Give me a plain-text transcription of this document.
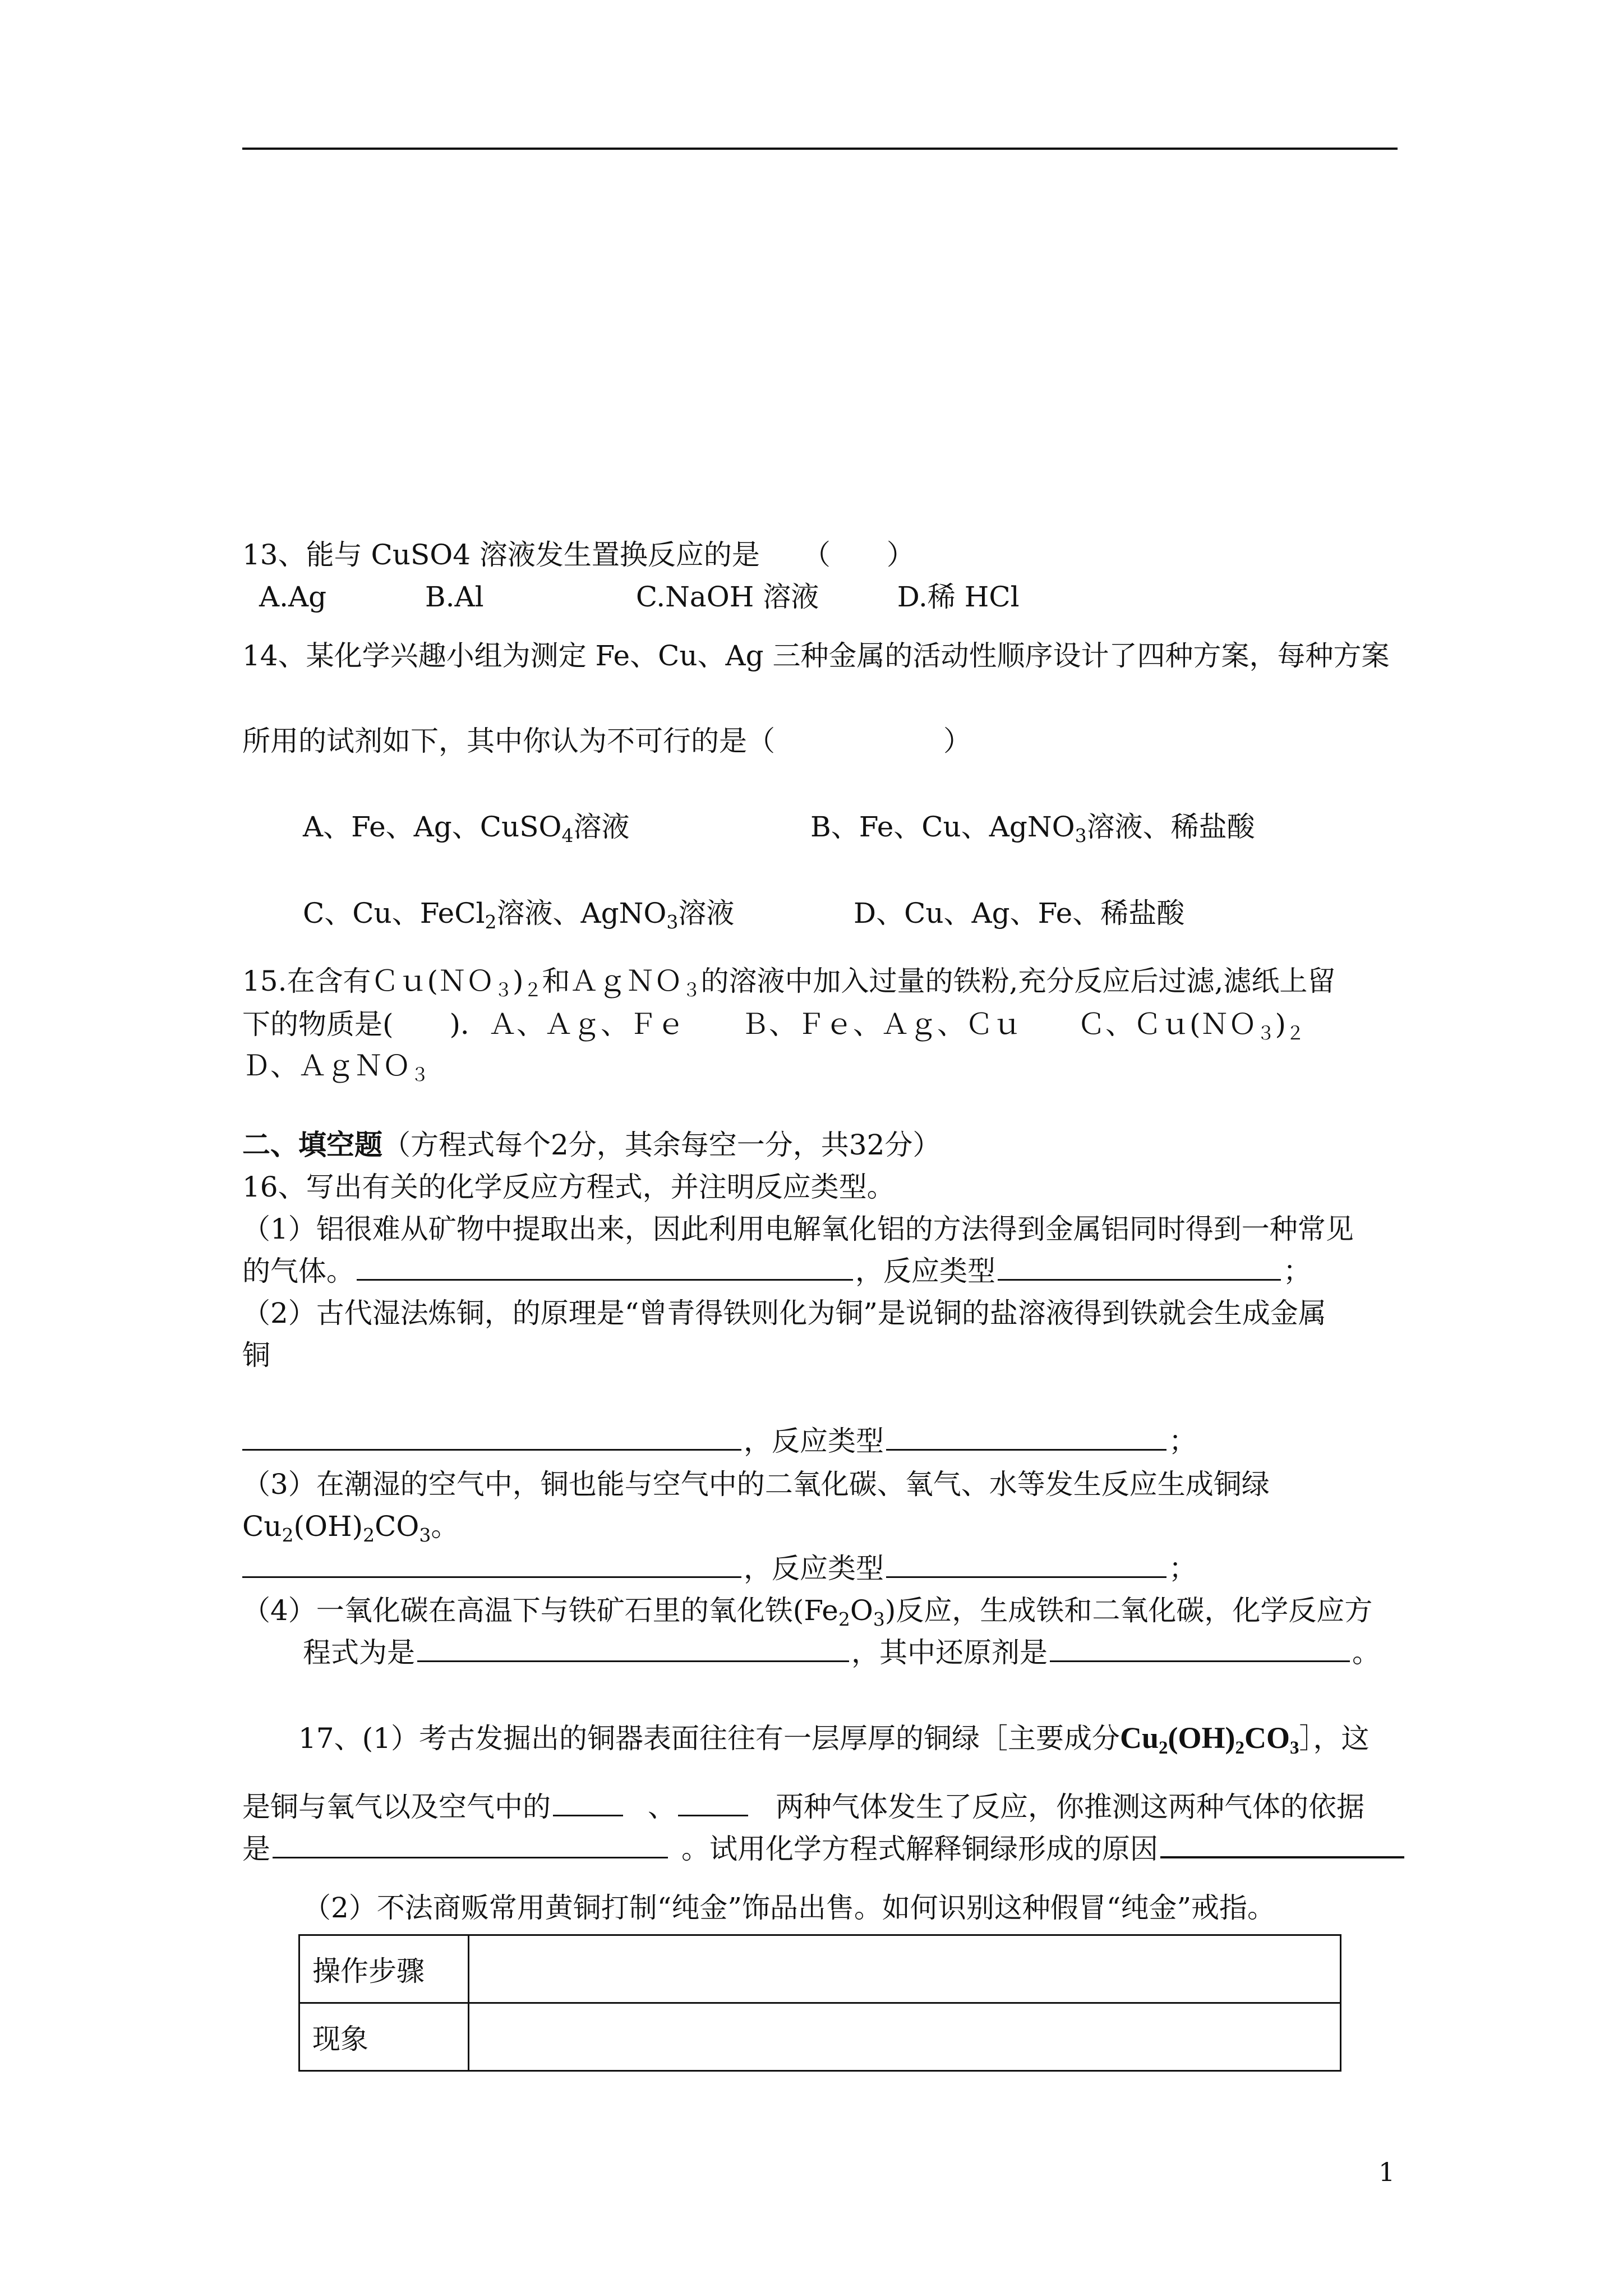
13、能与 CuSO4 溶液发生置换反应的是 （　　）
A.Ag	B.Al	C.NaOH 溶液	D.稀 HCl
14、某化学兴趣小组为测定 Fe、Cu、Ag 三种金属的活动性顺序设计了四种方案，每种方案
所用的试剂如下，其中你认为不可行的是（	）
A、Fe、Ag、CuSO$_4$溶液	B、Fe、Cu、AgNO$_3$溶液、稀盐酸
C、Cu、FeCl$_2$溶液、AgNO$_3$溶液	D、Cu、Ag、Fe、稀盐酸
15.在含有$Cu(NO_3)_2$和ＡｇＮＯ$_3$的溶液中加入过量的铁粉,充分反应后过滤,滤纸上留
下的物质是(　　)．Ａ、Ａｇ、Ｆｅ　　Ｂ、Ｆｅ、Ａｇ、Ｃｕ　　Ｃ、$Cu(NO_3)_2$
Ｄ、ＡｇＮＯ$_3$
二、填空题（方程式每个2分，其余每空一分，共32分）
16、写出有关的化学反应方程式，并注明反应类型。
（1）铝很难从矿物中提取出来，因此利用电解氧化铝的方法得到金属铝同时得到一种常见
的气体。	，反应类型	；
（2）古代湿法炼铜，的原理是“曾青得铁则化为铜”是说铜的盐溶液得到铁就会生成金属
铜
，反应类型	；
（3）在潮湿的空气中，铜也能与空气中的二氧化碳、氧气、水等发生反应生成铜绿
$Cu_2(OH)_2CO_3$。
，反应类型	；
（4）一氧化碳在高温下与铁矿石里的氧化铁$(Fe_2O_3)$反应，生成铁和二氧化碳，化学反应方
程式为是	，其中还原剂是	。
17、(1）考古发掘出的铜器表面往往有一层厚厚的铜绿［主要成分$Cu_2(OH)_2CO_3]$，这
是铜与氧气以及空气中的	、	两种气体发生了反应，你推测这两种气体的依据
是	。试用化学方程式解释铜绿形成的原因
（2）不法商贩常用黄铜打制“纯金”饰品出售。如何识别这种假冒“纯金”戒指。
操作步骤	
现象	
1
